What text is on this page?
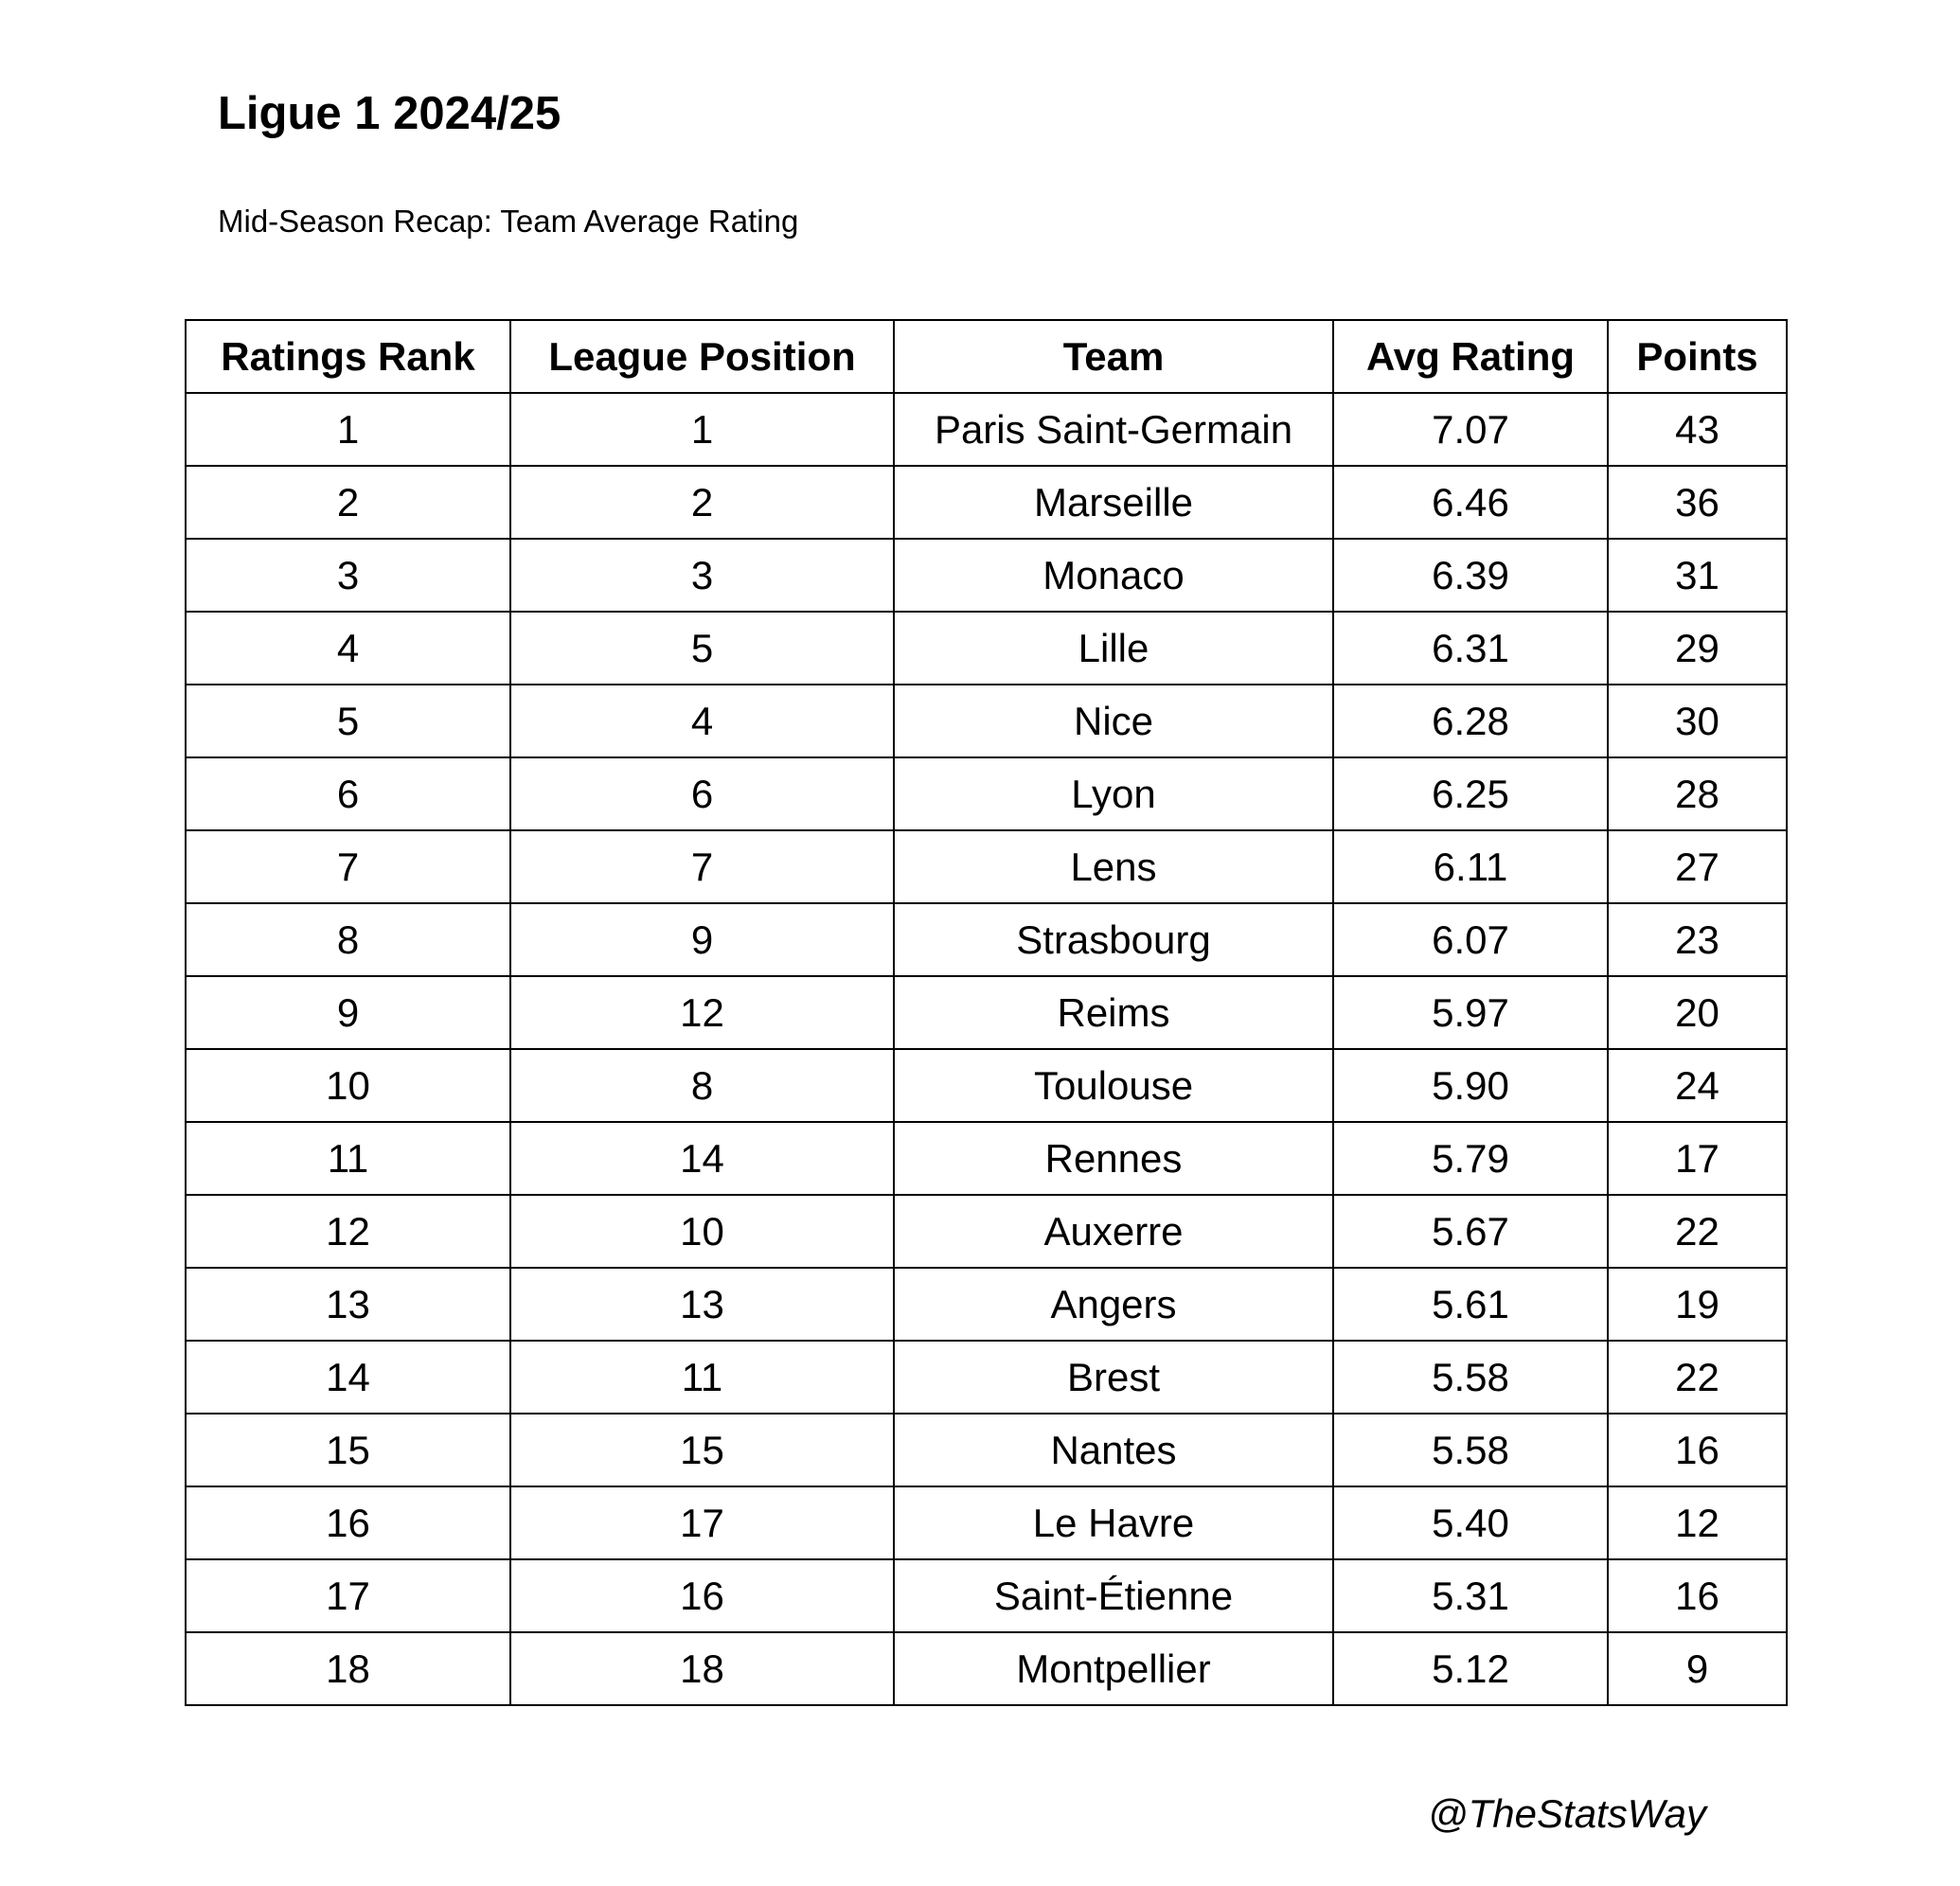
Ligue 1 2024/25

Mid-Season Recap: Team Average Rating

Ratings Rank	League Position	Team	Avg Rating	Points
1	1	Paris Saint-Germain	7.07	43
2	2	Marseille	6.46	36
3	3	Monaco	6.39	31
4	5	Lille	6.31	29
5	4	Nice	6.28	30
6	6	Lyon	6.25	28
7	7	Lens	6.11	27
8	9	Strasbourg	6.07	23
9	12	Reims	5.97	20
10	8	Toulouse	5.90	24
11	14	Rennes	5.79	17
12	10	Auxerre	5.67	22
13	13	Angers	5.61	19
14	11	Brest	5.58	22
15	15	Nantes	5.58	16
16	17	Le Havre	5.40	12
17	16	Saint-Étienne	5.31	16
18	18	Montpellier	5.12	9

@TheStatsWay
